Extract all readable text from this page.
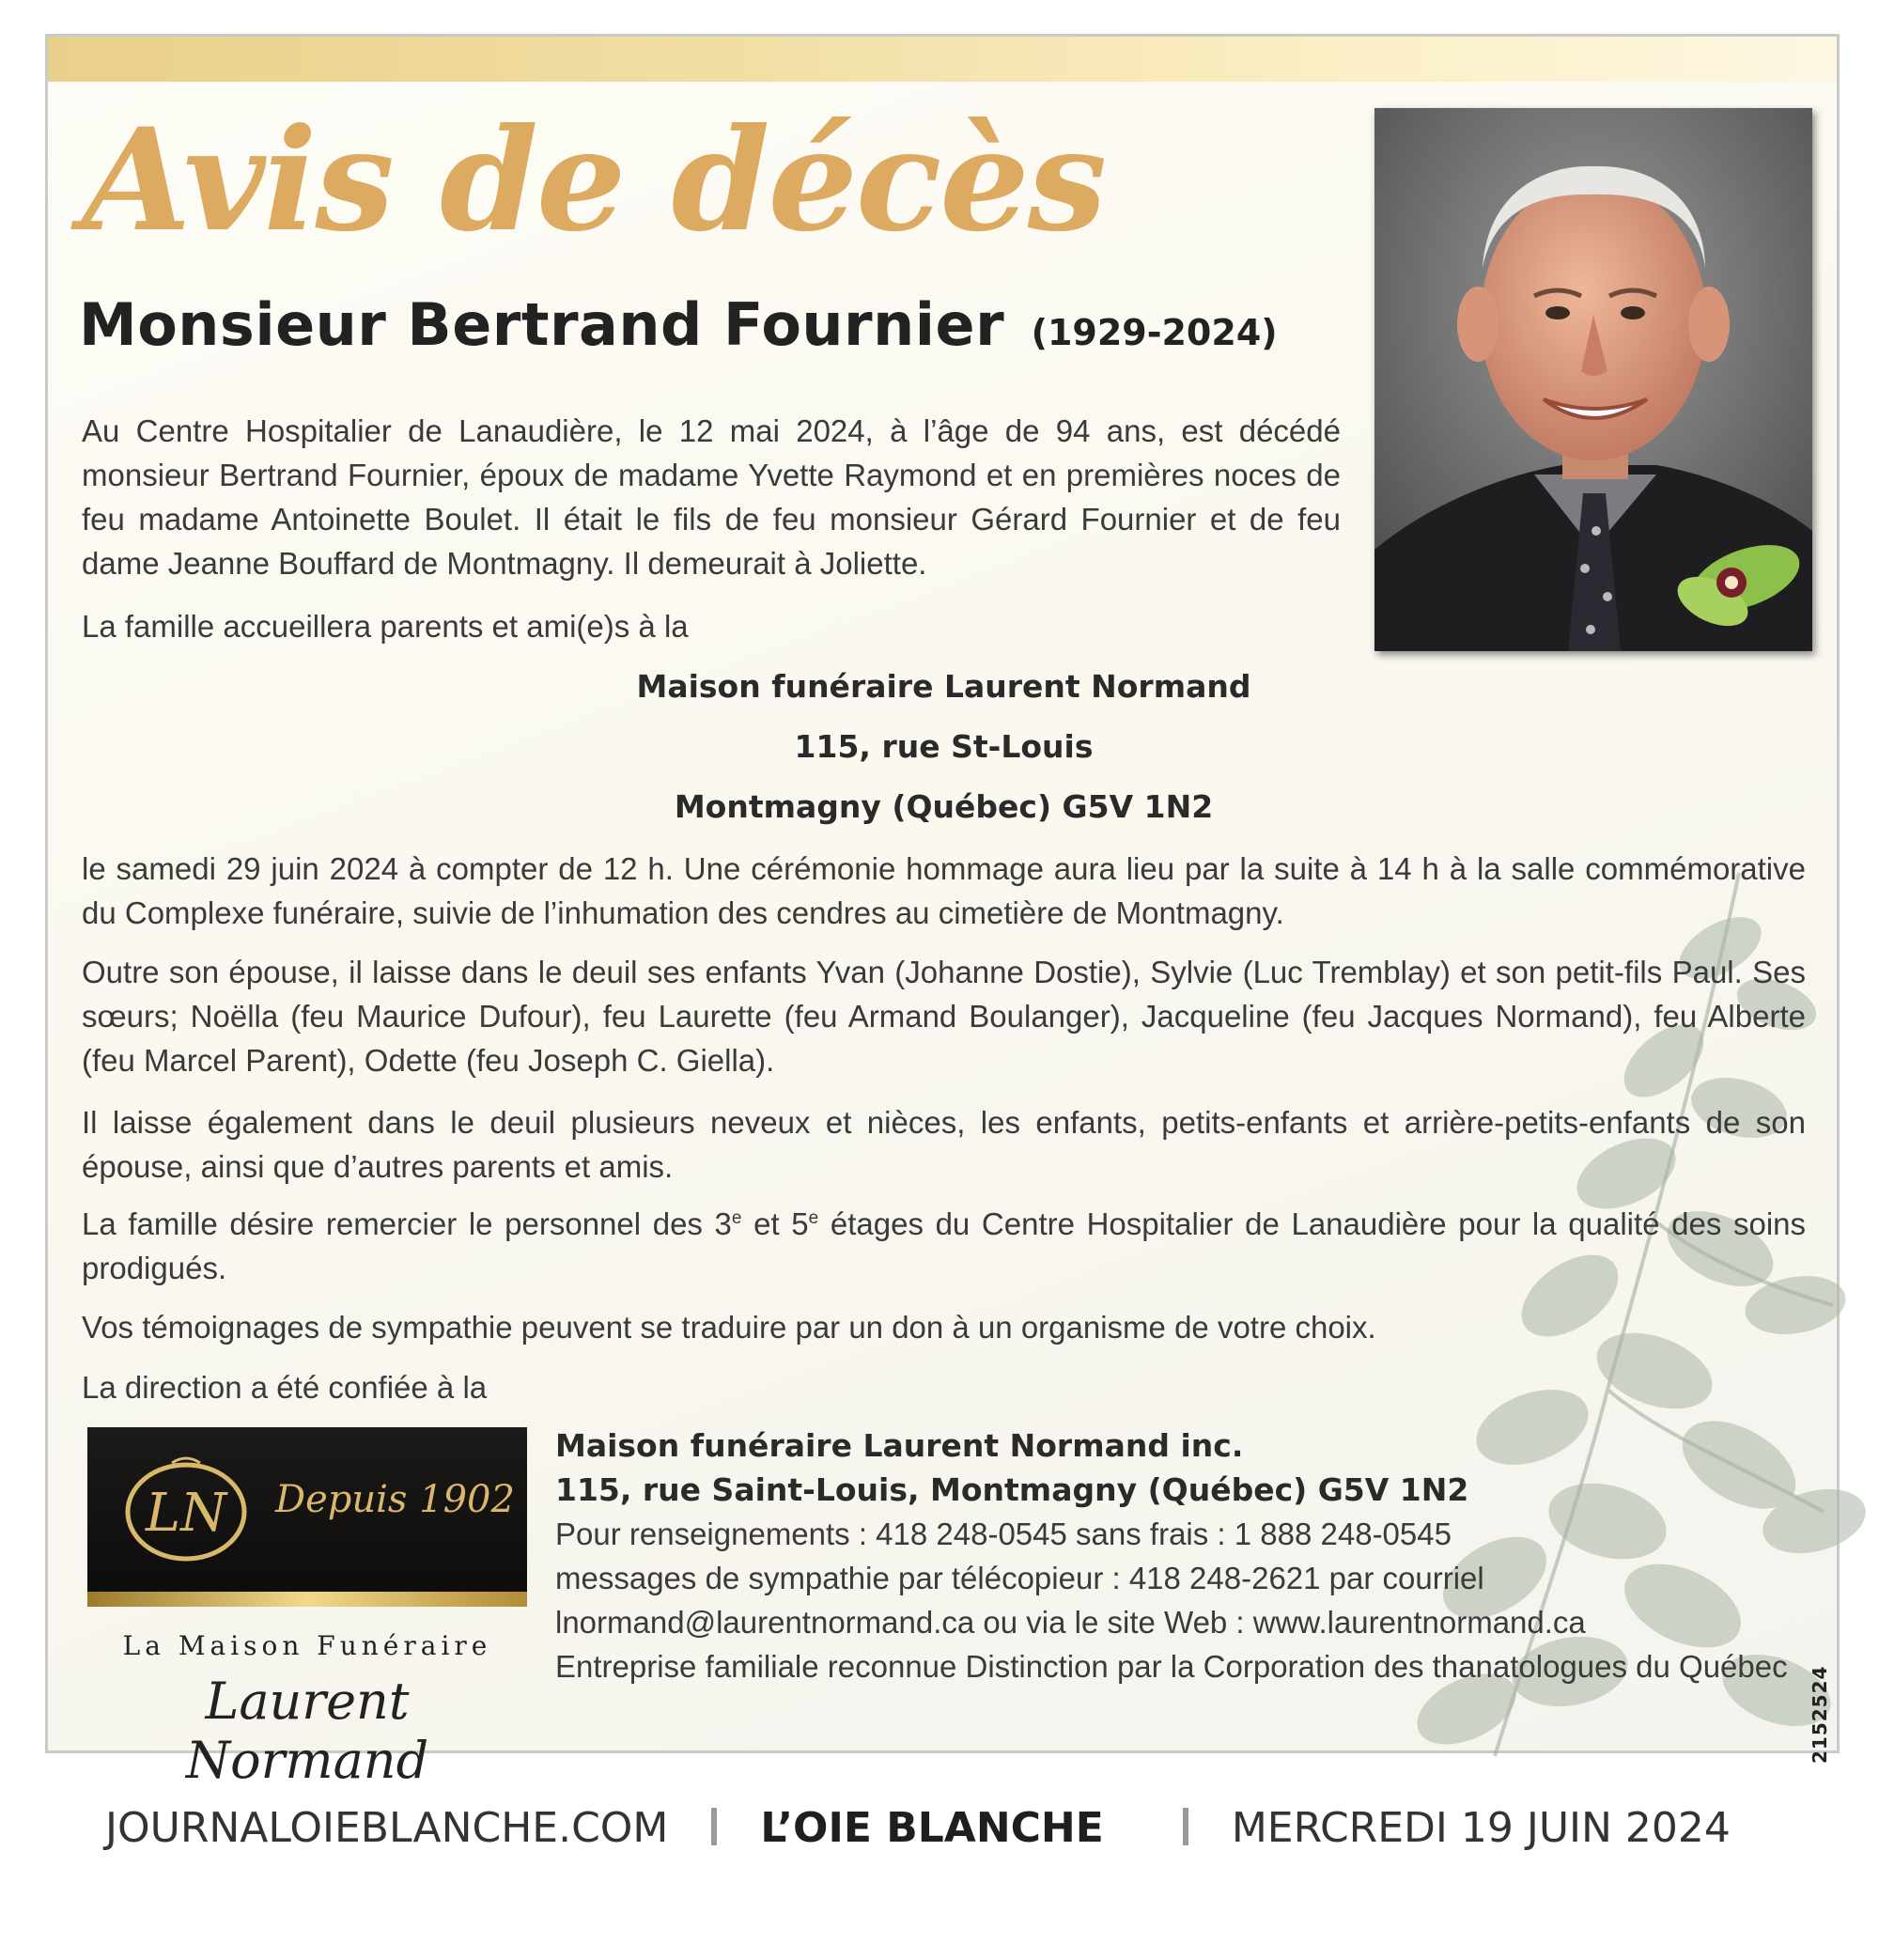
Avis de décès
Monsieur Bertrand Fournier (1929-2024)

Au Centre Hospitalier de Lanaudière, le 12 mai 2024, à l’âge de 94 ans, est décédé monsieur Bertrand Fournier, époux de madame Yvette Raymond et en premières noces de feu madame Antoinette Boulet. Il était le fils de feu monsieur Gérard Fournier et de feu dame Jeanne Bouffard de Montmagny. Il demeurait à Joliette.

La famille accueillera parents et ami(e)s à la

Maison funéraire Laurent Normand

115, rue St-Louis

Montmagny (Québec) G5V 1N2

le samedi 29 juin 2024 à compter de 12 h. Une cérémonie hommage aura lieu par la suite à 14 h à la salle commémorative du Complexe funéraire, suivie de l’inhumation des cendres au cimetière de Montmagny.

Outre son épouse, il laisse dans le deuil ses enfants Yvan (Johanne Dostie), Sylvie (Luc Tremblay) et son petit-fils Paul. Ses sœurs; Noëlla (feu Maurice Dufour), feu Laurette (feu Armand Boulanger), Jacqueline (feu Jacques Normand), feu Alberte (feu Marcel Parent), Odette (feu Joseph C. Giella).

Il laisse également dans le deuil plusieurs neveux et nièces, les enfants, petits-enfants et arrière-petits-enfants de son épouse, ainsi que d’autres parents et amis.

La famille désire remercier le personnel des 3e et 5e étages du Centre Hospitalier de Lanaudière pour la qualité des soins prodigués.

Vos témoignages de sympathie peuvent se traduire par un don à un organisme de votre choix.

La direction a été confiée à la

LN Depuis 1902
La Maison Funéraire
Laurent Normand
Maison funéraire Laurent Normand inc.
115, rue Saint-Louis, Montmagny (Québec) G5V 1N2
Pour renseignements : 418 248-0545 sans frais : 1 888 248-0545
messages de sympathie par télécopieur : 418 248-2621 par courriel
lnormand@laurentnormand.ca ou via le site Web : www.laurentnormand.ca
Entreprise familiale reconnue Distinction par la Corporation des thanatologues du Québec	2152524
JOURNALOIEBLANCHE.COM L’OIE BLANCHE	MERCREDI 19 JUIN 2024
